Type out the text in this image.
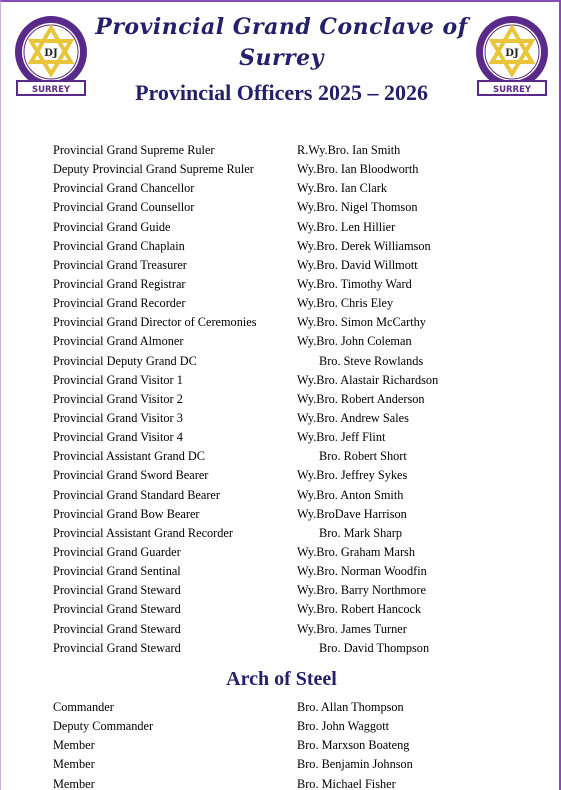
DJ
SURREY
DJ
SURREY
Provincial Grand Conclave of
Surrey
Provincial Officers 2025 – 2026
Provincial Grand Supreme Ruler	R.Wy.Bro. Ian Smith
Deputy Provincial Grand Supreme Ruler	Wy.Bro. Ian Bloodworth
Provincial Grand Chancellor	Wy.Bro. Ian Clark
Provincial Grand Counsellor	Wy.Bro. Nigel Thomson
Provincial Grand Guide	Wy.Bro. Len Hillier
Provincial Grand Chaplain	Wy.Bro. Derek Williamson
Provincial Grand Treasurer	Wy.Bro. David Willmott
Provincial Grand Registrar	Wy.Bro. Timothy Ward
Provincial Grand Recorder	Wy.Bro. Chris Eley
Provincial Grand Director of Ceremonies	Wy.Bro. Simon McCarthy
Provincial Grand Almoner	Wy.Bro. John Coleman
Provincial Deputy Grand DC	Bro. Steve Rowlands
Provincial Grand Visitor 1	Wy.Bro. Alastair Richardson
Provincial Grand Visitor 2	Wy.Bro. Robert Anderson
Provincial Grand Visitor 3	Wy.Bro. Andrew Sales
Provincial Grand Visitor 4	Wy.Bro. Jeff Flint
Provincial Assistant Grand DC	Bro. Robert Short
Provincial Grand Sword Bearer	Wy.Bro. Jeffrey Sykes
Provincial Grand Standard Bearer	Wy.Bro. Anton Smith
Provincial Grand Bow Bearer	Wy.BroDave Harrison
Provincial Assistant Grand Recorder	Bro. Mark Sharp
Provincial Grand Guarder	Wy.Bro. Graham Marsh
Provincial Grand Sentinal	Wy.Bro. Norman Woodfin
Provincial Grand Steward	Wy.Bro. Barry Northmore
Provincial Grand Steward	Wy.Bro. Robert Hancock
Provincial Grand Steward	Wy.Bro. James Turner
Provincial Grand Steward	Bro. David Thompson
Arch of Steel
Commander	Bro. Allan Thompson
Deputy Commander	Bro. John Waggott
Member	Bro. Marxson Boateng
Member	Bro. Benjamin Johnson
Member	Bro. Michael Fisher
